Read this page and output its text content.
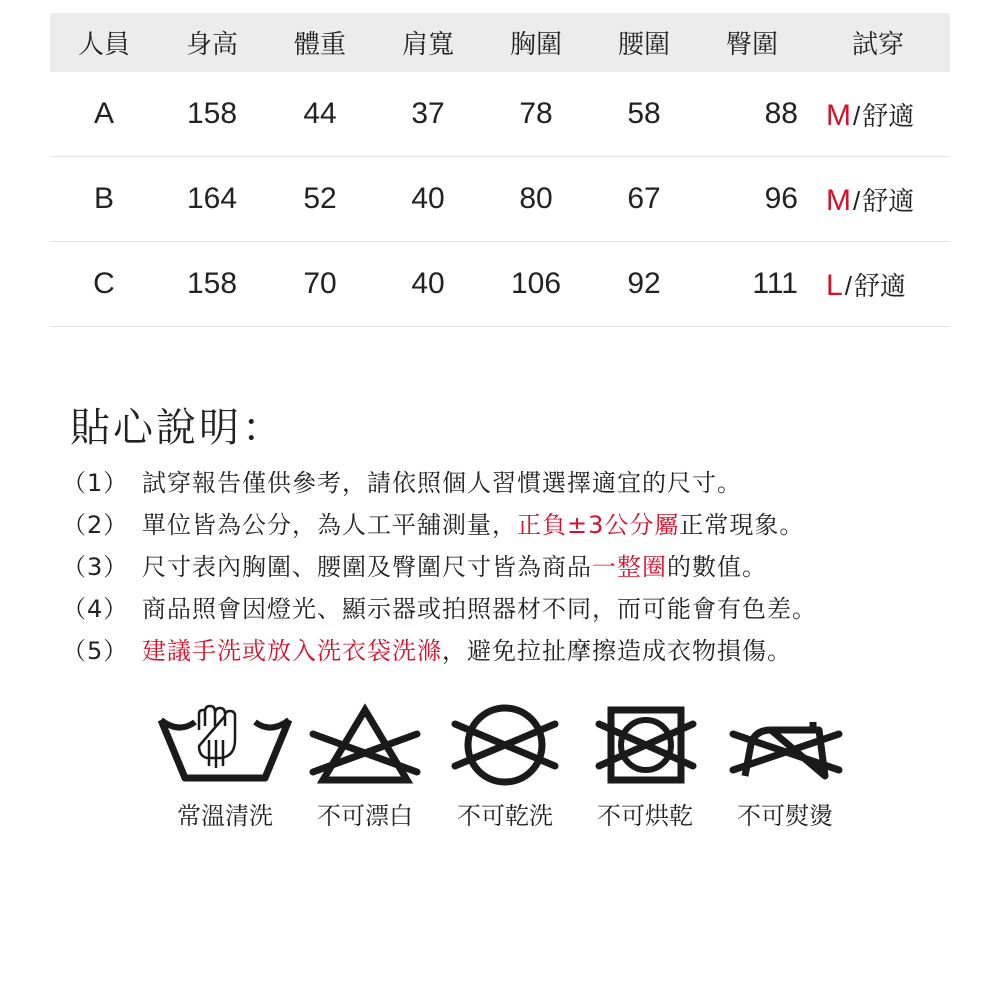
人員	身高	體重	肩寬	胸圍	腰圍	臀圍	試穿
A	158	44	37	78	58	88	M/舒適
B	164	52	40	80	67	96	M/舒適
C	158	70	40	106	92	111	L/舒適
貼心說明：
（1） 試穿報告僅供參考，請依照個人習慣選擇適宜的尺寸。
（2） 單位皆為公分，為人工平舖測量，正負±3公分屬正常現象。
（3） 尺寸表內胸圍、腰圍及臀圍尺寸皆為商品一整圈的數值。
（4） 商品照會因燈光、顯示器或拍照器材不同，而可能會有色差。
（5） 建議手洗或放入洗衣袋洗滌，避免拉扯摩擦造成衣物損傷。
常溫清洗	不可漂白	不可乾洗	不可烘乾	不可熨燙
